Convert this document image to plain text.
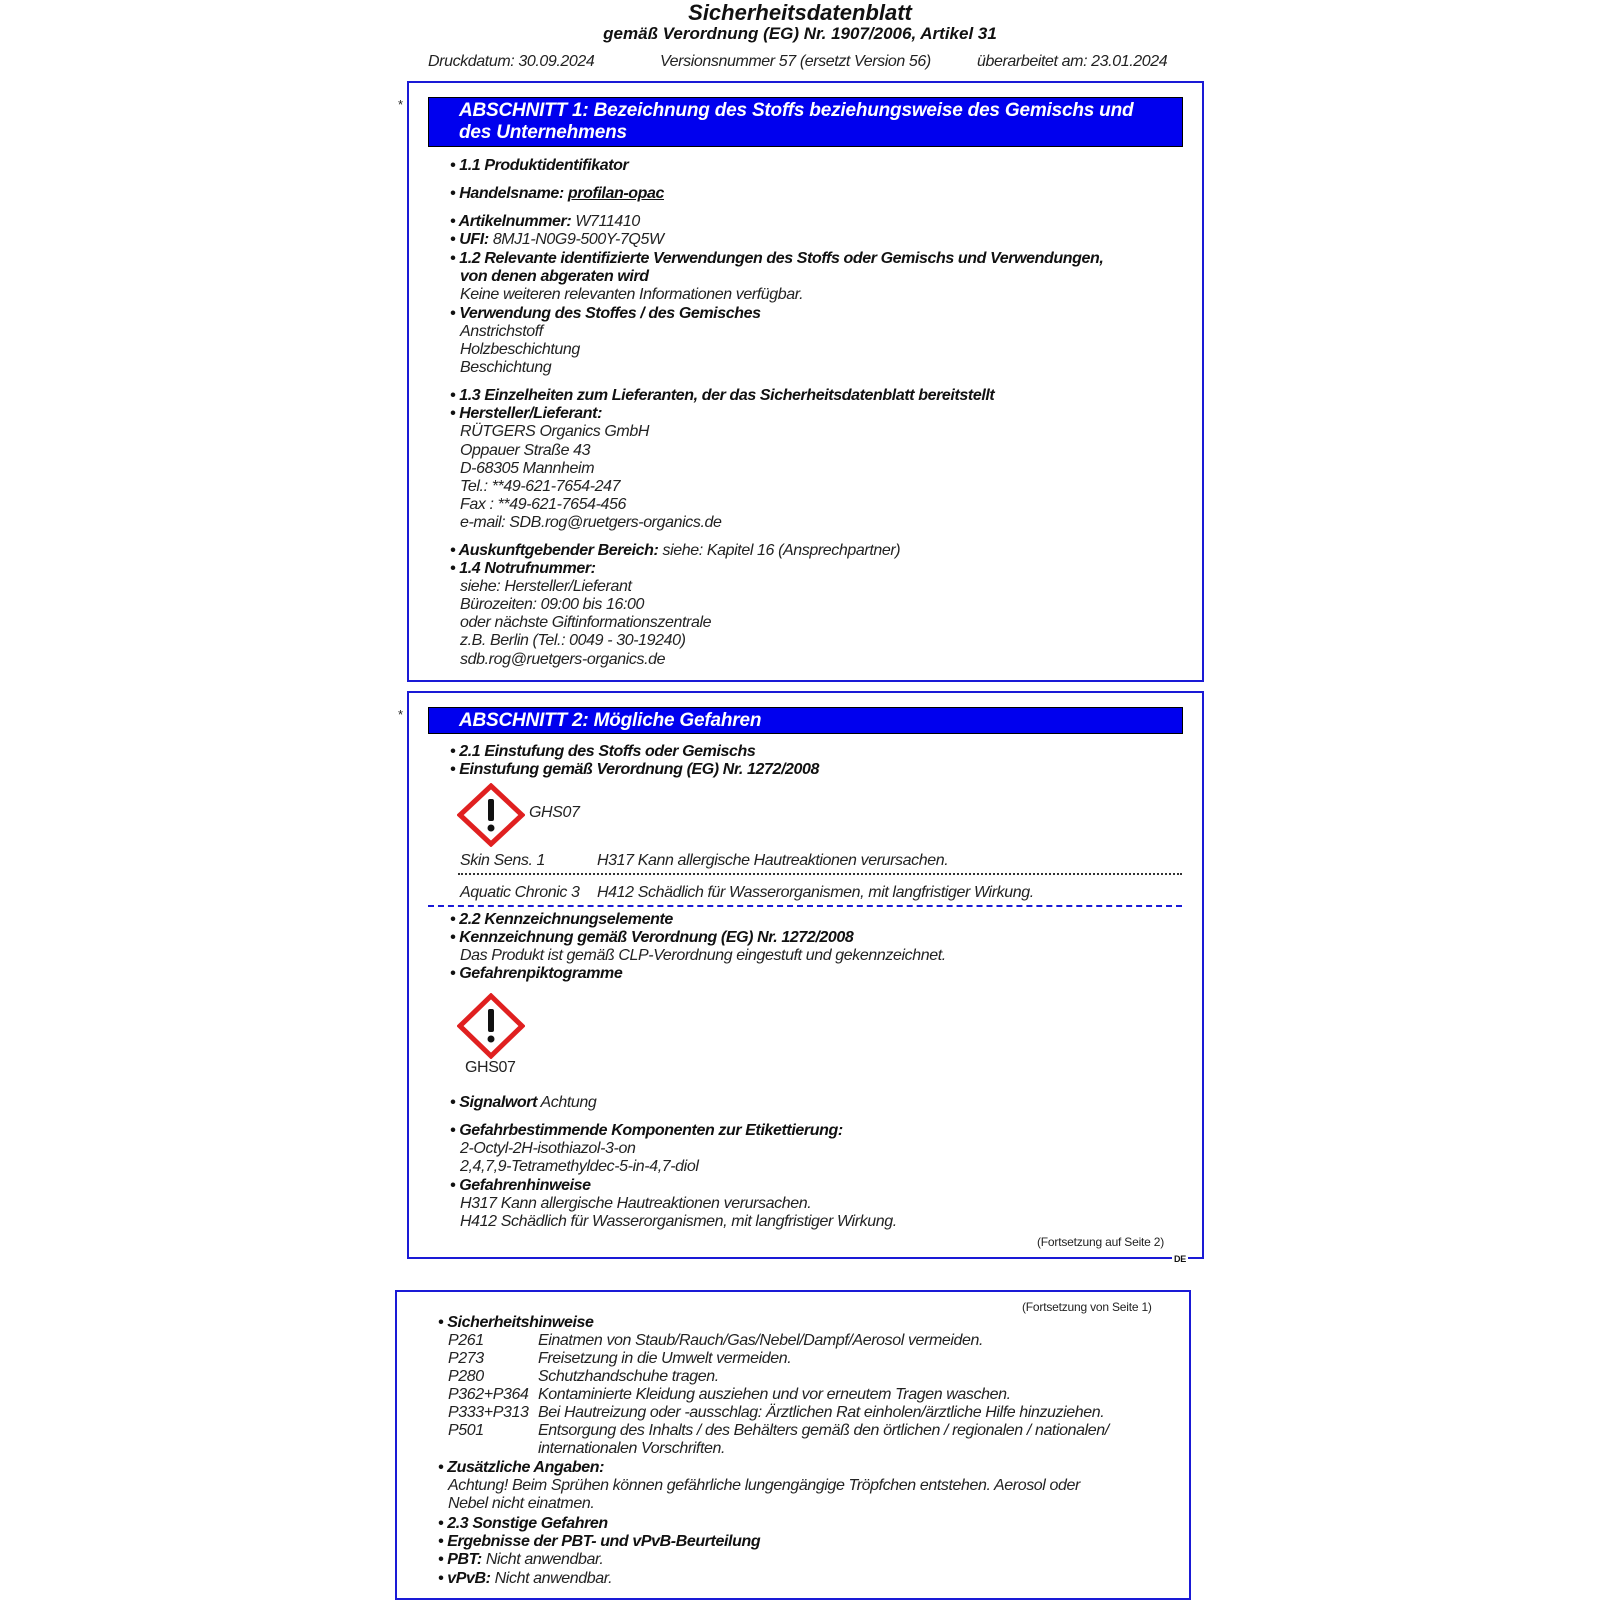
Sicherheitsdatenblatt
gemäß Verordnung (EG) Nr. 1907/2006, Artikel 31
Druckdatum: 30.09.2024	Versionsnummer 57 (ersetzt Version 56)	überarbeitet am: 23.01.2024
*	ABSCHNITT 1: Bezeichnung des Stoffs beziehungsweise des Gemischs und
des Unternehmens
• 1.1 Produktidentifikator
• Handelsname: profilan-opac
• Artikelnummer: W711410
• UFI: 8MJ1-N0G9-500Y-7Q5W
• 1.2 Relevante identifizierte Verwendungen des Stoffs oder Gemischs und Verwendungen,
von denen abgeraten wird
Keine weiteren relevanten Informationen verfügbar.
• Verwendung des Stoffes / des Gemisches
Anstrichstoff
Holzbeschichtung
Beschichtung
• 1.3 Einzelheiten zum Lieferanten, der das Sicherheitsdatenblatt bereitstellt
• Hersteller/Lieferant:
RÜTGERS Organics GmbH
Oppauer Straße 43
D-68305 Mannheim
Tel.: **49-621-7654-247
Fax : **49-621-7654-456
e-mail: SDB.rog@ruetgers-organics.de
• Auskunftgebender Bereich: siehe: Kapitel 16 (Ansprechpartner)
• 1.4 Notrufnummer:
siehe: Hersteller/Lieferant
Bürozeiten: 09:00 bis 16:00
oder nächste Giftinformationszentrale
z.B. Berlin (Tel.: 0049 - 30-19240)
sdb.rog@ruetgers-organics.de
*	ABSCHNITT 2: Mögliche Gefahren
• 2.1 Einstufung des Stoffs oder Gemischs
• Einstufung gemäß Verordnung (EG) Nr. 1272/2008
GHS07
Skin Sens. 1	H317 Kann allergische Hautreaktionen verursachen.
Aquatic Chronic 3 H412 Schädlich für Wasserorganismen, mit langfristiger Wirkung.
• 2.2 Kennzeichnungselemente
• Kennzeichnung gemäß Verordnung (EG) Nr. 1272/2008
Das Produkt ist gemäß CLP-Verordnung eingestuft und gekennzeichnet.
• Gefahrenpiktogramme
GHS07
• Signalwort Achtung
• Gefahrbestimmende Komponenten zur Etikettierung:
2-Octyl-2H-isothiazol-3-on
2,4,7,9-Tetramethyldec-5-in-4,7-diol
• Gefahrenhinweise
H317 Kann allergische Hautreaktionen verursachen.
H412 Schädlich für Wasserorganismen, mit langfristiger Wirkung.
(Fortsetzung auf Seite 2)
DE
(Fortsetzung von Seite 1)
• Sicherheitshinweise
P261	Einatmen von Staub/Rauch/Gas/Nebel/Dampf/Aerosol vermeiden.
P273	Freisetzung in die Umwelt vermeiden.
P280	Schutzhandschuhe tragen.
P362+P364 Kontaminierte Kleidung ausziehen und vor erneutem Tragen waschen.
P333+P313 Bei Hautreizung oder -ausschlag: Ärztlichen Rat einholen/ärztliche Hilfe hinzuziehen.
P501	Entsorgung des Inhalts / des Behälters gemäß den örtlichen / regionalen / nationalen/
internationalen Vorschriften.
• Zusätzliche Angaben:
Achtung! Beim Sprühen können gefährliche lungengängige Tröpfchen entstehen. Aerosol oder
Nebel nicht einatmen.
• 2.3 Sonstige Gefahren
• Ergebnisse der PBT- und vPvB-Beurteilung
• PBT: Nicht anwendbar.
• vPvB: Nicht anwendbar.
